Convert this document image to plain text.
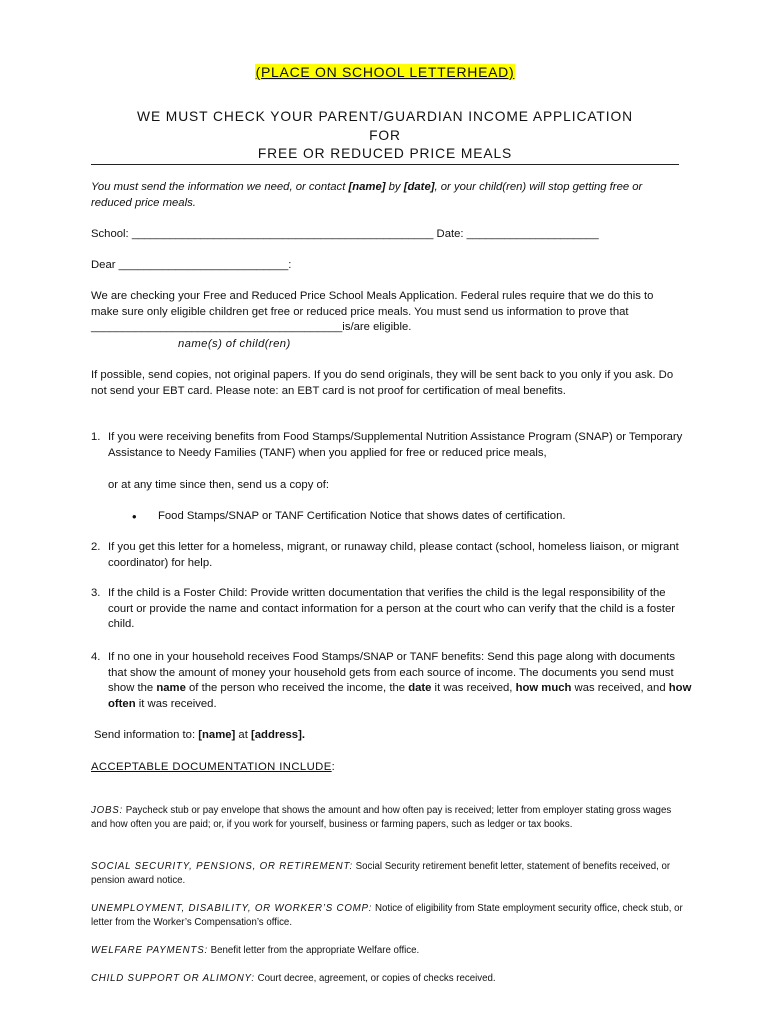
(PLACE ON SCHOOL LETTERHEAD)
WE MUST CHECK YOUR PARENT/GUARDIAN INCOME APPLICATION
FOR
FREE OR REDUCED PRICE MEALS

You must send the information we need, or contact [name] by [date], or your child(ren) will stop getting free or reduced price meals.

School: ________________________________________________ Date: _____________________

Dear ___________________________:

We are checking your Free and Reduced Price School Meals Application. Federal rules require that we do this to make sure only eligible children get free or reduced price meals. You must send us information to prove that ________________________________________is/are eligible.

name(s) of child(ren)

If possible, send copies, not original papers. If you do send originals, they will be sent back to you only if you ask. Do not send your EBT card. Please note: an EBT card is not proof for certification of meal benefits.

1. If you were receiving benefits from Food Stamps/Supplemental Nutrition Assistance Program (SNAP) or Temporary Assistance to Needy Families (TANF) when you applied for free or reduced price meals,

or at any time since then, send us a copy of:

• Food Stamps/SNAP or TANF Certification Notice that shows dates of certification.
2. If you get this letter for a homeless, migrant, or runaway child, please contact (school, homeless liaison, or migrant coordinator) for help.
3. If the child is a Foster Child: Provide written documentation that verifies the child is the legal responsibility of the court or provide the name and contact information for a person at the court who can verify that the child is a foster child.
4. If no one in your household receives Food Stamps/SNAP or TANF benefits: Send this page along with documents that show the amount of money your household gets from each source of income. The documents you send must show the name of the person who received the income, the date it was received, how much was received, and how often it was received.

Send information to: [name] at [address].

ACCEPTABLE DOCUMENTATION INCLUDE:

JOBS: Paycheck stub or pay envelope that shows the amount and how often pay is received; letter from employer stating gross wages and how often you are paid; or, if you work for yourself, business or farming papers, such as ledger or tax books.

SOCIAL SECURITY, PENSIONS, OR RETIREMENT: Social Security retirement benefit letter, statement of benefits received, or pension award notice.

UNEMPLOYMENT, DISABILITY, OR WORKER’S COMP: Notice of eligibility from State employment security office, check stub, or letter from the Worker’s Compensation’s office.

WELFARE PAYMENTS: Benefit letter from the appropriate Welfare office.

CHILD SUPPORT OR ALIMONY: Court decree, agreement, or copies of checks received.
